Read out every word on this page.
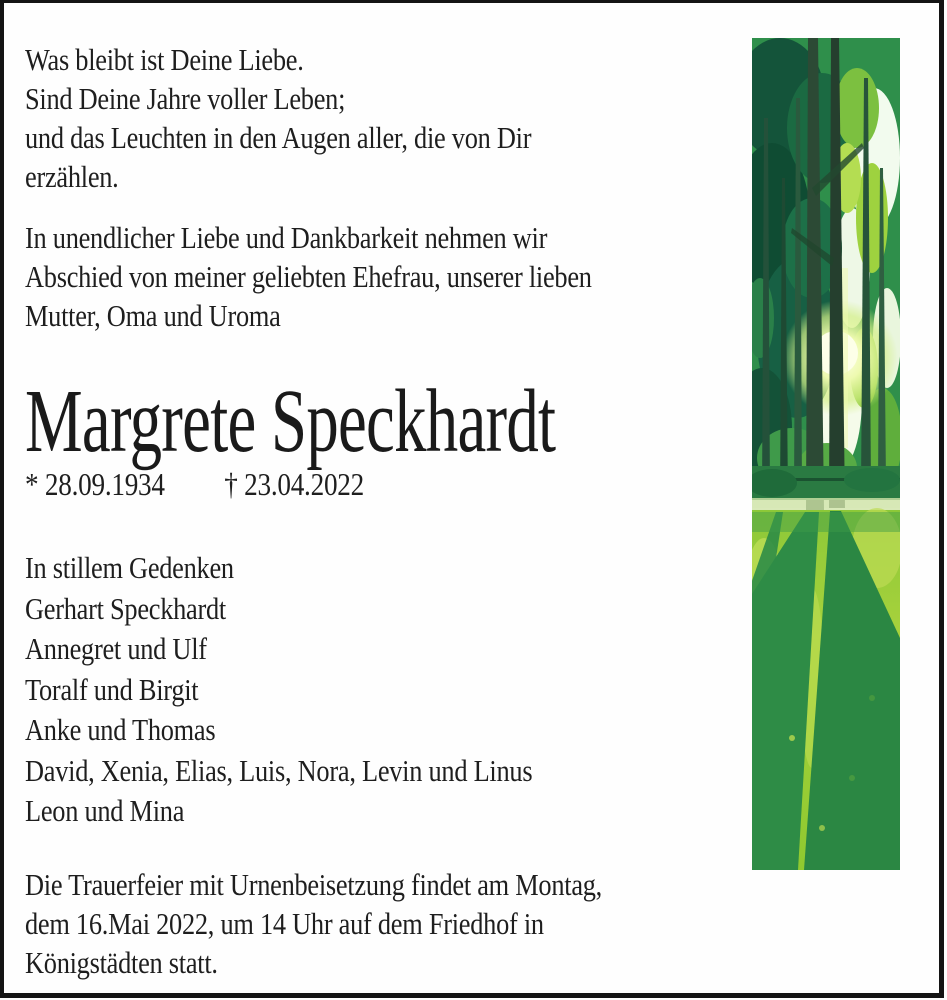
Was bleibt ist Deine Liebe.
Sind Deine Jahre voller Leben;
und das Leuchten in den Augen aller, die von Dir
erzählen.
In unendlicher Liebe und Dankbarkeit nehmen wir
Abschied von meiner geliebten Ehefrau, unserer lieben
Mutter, Oma und Uroma
Margrete Speckhardt
* 28.09.1934 † 23.04.2022
In stillem Gedenken
Gerhart Speckhardt
Annegret und Ulf
Toralf und Birgit
Anke und Thomas
David, Xenia, Elias, Luis, Nora, Levin und Linus
Leon und Mina
Die Trauerfeier mit Urnenbeisetzung findet am Montag,
dem 16.Mai 2022, um 14 Uhr auf dem Friedhof in
Königstädten statt.
